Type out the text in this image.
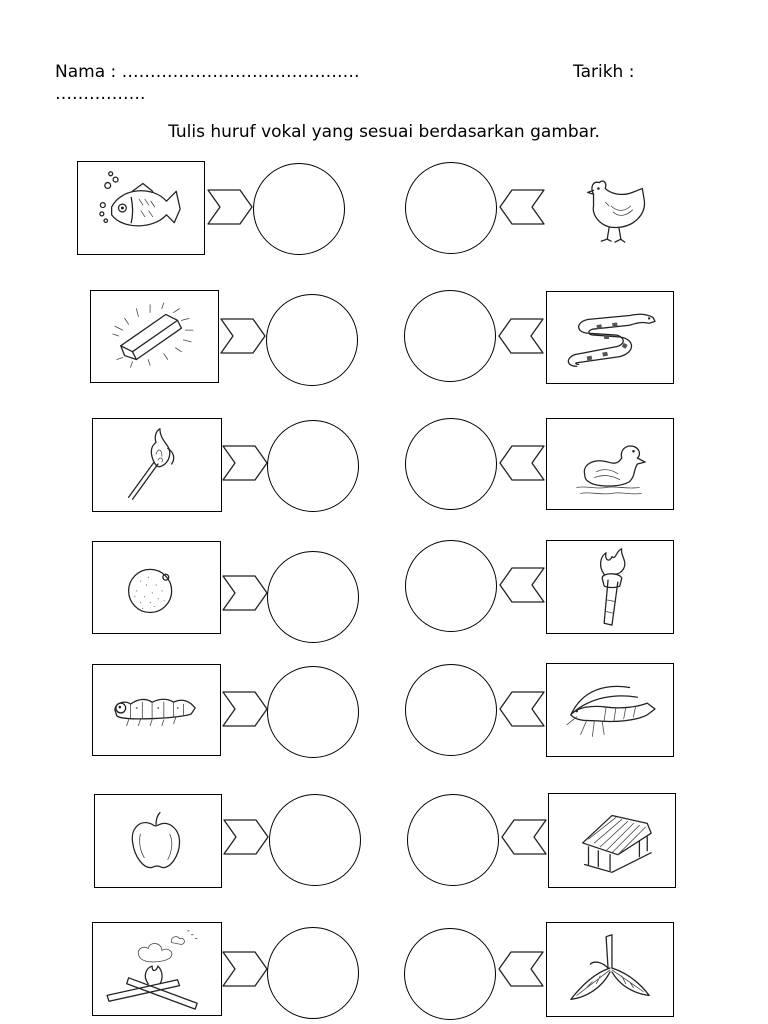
Nama : ……………………………………	Tarikh :
…………….
Tulis huruf vokal yang sesuai berdasarkan gambar.
